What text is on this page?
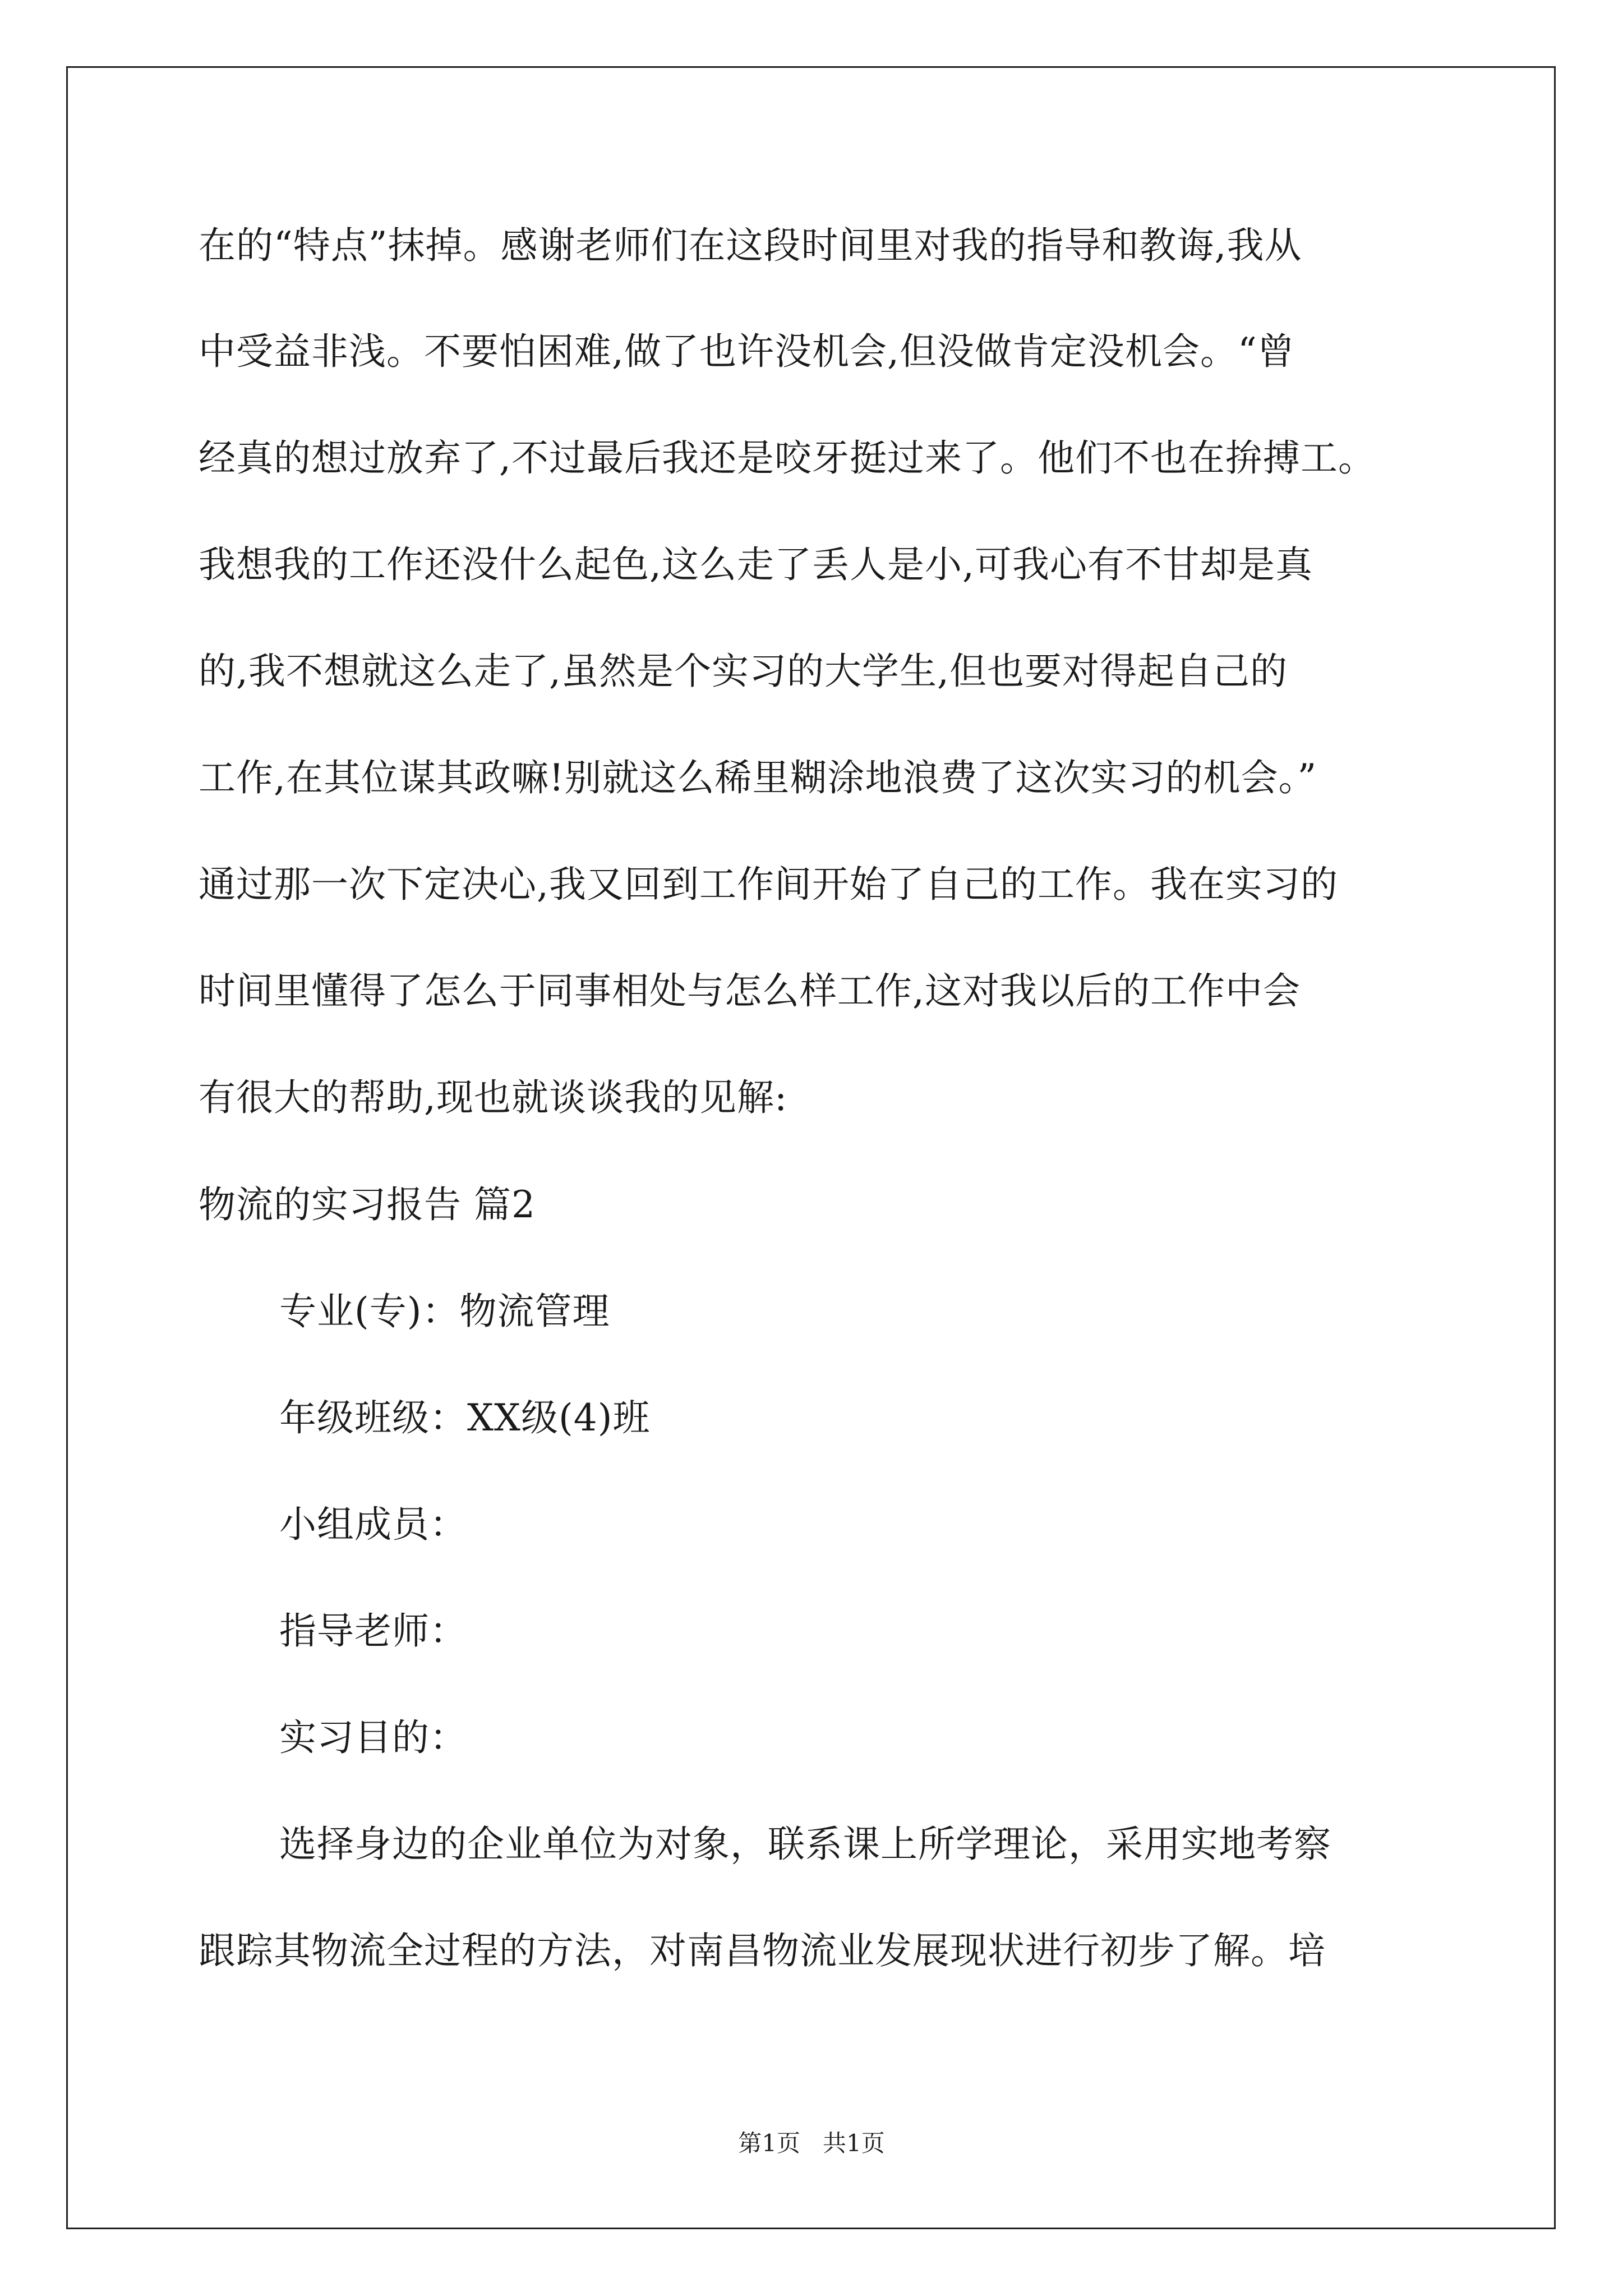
在的“特点”抹掉。感谢老师们在这段时间里对我的指导和教诲,我从
中受益非浅。不要怕困难,做了也许没机会,但没做肯定没机会。“曾
经真的想过放弃了,不过最后我还是咬牙挺过来了。他们不也在拚搏工。
我想我的工作还没什么起色,这么走了丢人是小,可我心有不甘却是真
的,我不想就这么走了,虽然是个实习的大学生,但也要对得起自己的
工作,在其位谋其政嘛!别就这么稀里糊涂地浪费了这次实习的机会。”
通过那一次下定决心,我又回到工作间开始了自己的工作。我在实习的
时间里懂得了怎么于同事相处与怎么样工作,这对我以后的工作中会
有很大的帮助,现也就谈谈我的见解:
物流的实习报告 篇2
专业(专)：物流管理
年级班级：XX级(4)班
小组成员：
指导老师：
实习目的：
选择身边的企业单位为对象，联系课上所学理论，采用实地考察
跟踪其物流全过程的方法，对南昌物流业发展现状进行初步了解。培
第1页   共1页
